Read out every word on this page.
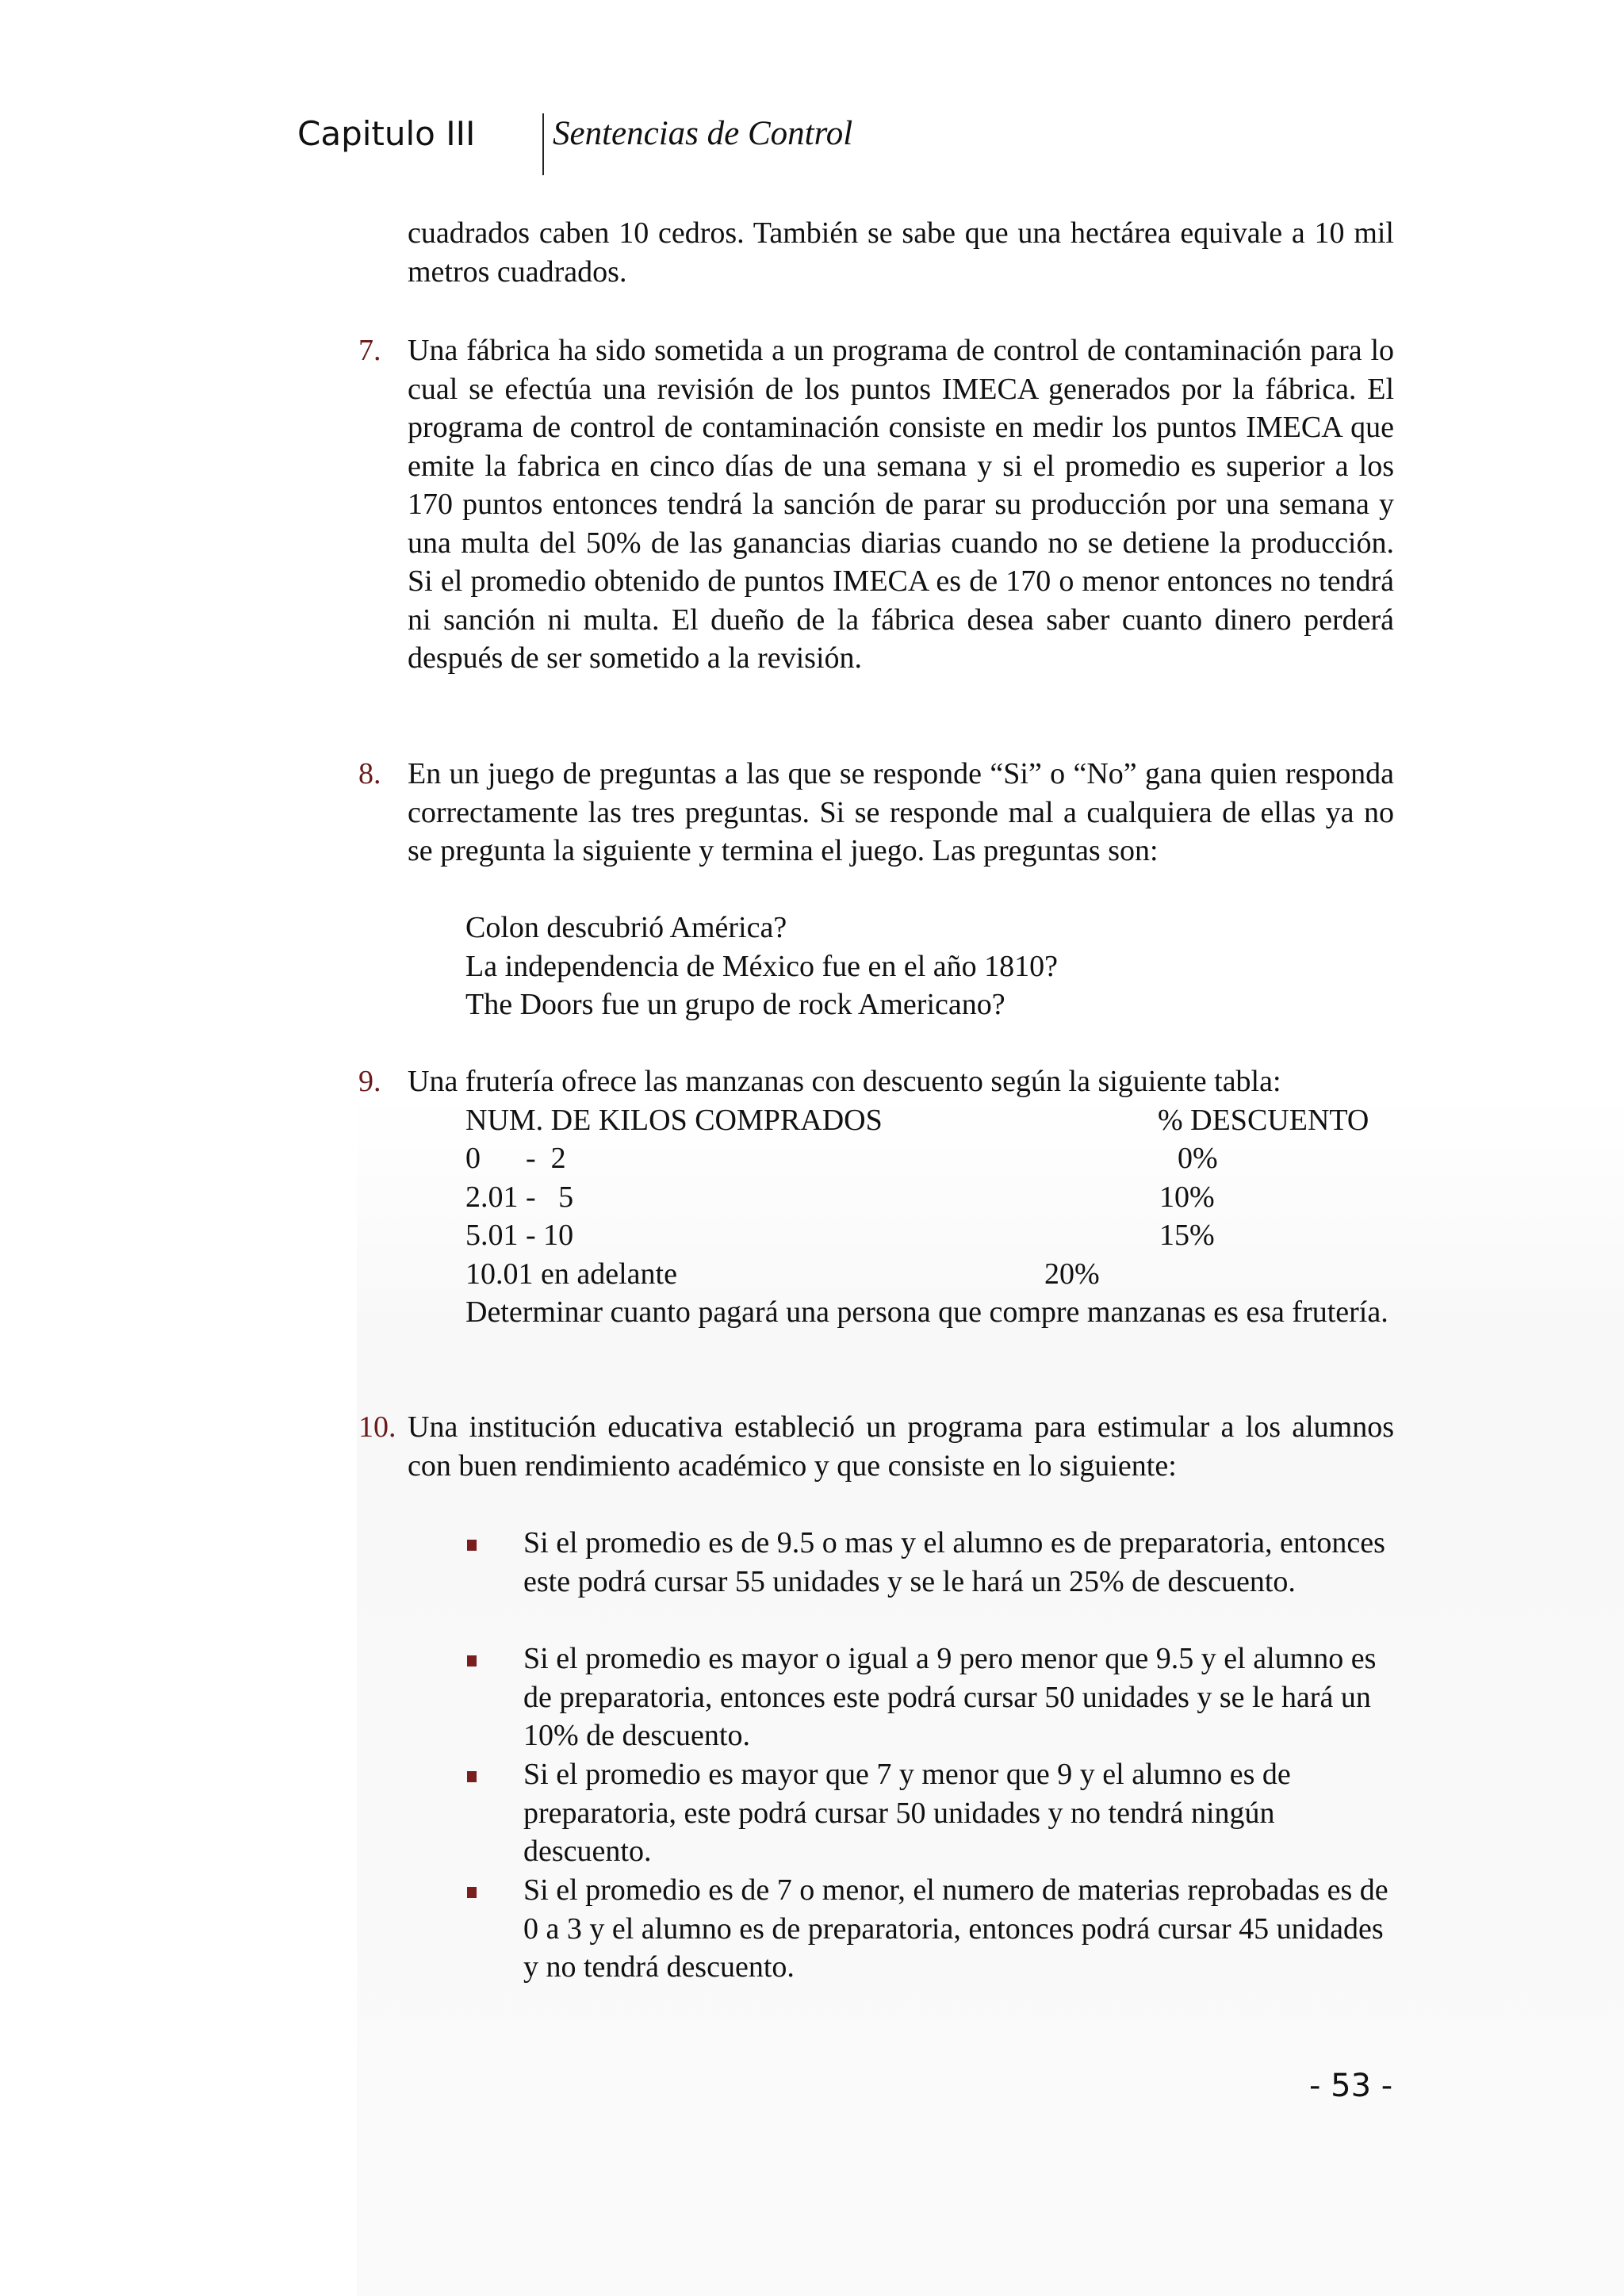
Capitulo III Sentencias de Control
cuadrados caben 10 cedros. También se sabe que una hectárea equivale a 10 mil metros cuadrados.
7. Una fábrica ha sido sometida a un programa de control de contaminación para lo cual se efectúa una revisión de los puntos IMECA generados por la fábrica. El programa de control de contaminación consiste en medir los puntos IMECA que emite la fabrica en cinco días de una semana y si el promedio es superior a los 170 puntos entonces tendrá la sanción de parar su producción por una semana y una multa del 50% de las ganancias diarias cuando no se detiene la producción. Si el promedio obtenido de puntos IMECA es de 170 o menor entonces no tendrá ni sanción ni multa. El dueño de la fábrica desea saber cuanto dinero perderá después de ser sometido a la revisión.
8. En un juego de preguntas a las que se responde “Si” o “No” gana quien responda correctamente las tres preguntas. Si se responde mal a cualquiera de ellas ya no se pregunta la siguiente y termina el juego. Las preguntas son:
Colon descubrió América?
La independencia de México fue en el año 1810?
The Doors fue un grupo de rock Americano?
9. Una frutería ofrece las manzanas con descuento según la siguiente tabla:
NUM. DE KILOS COMPRADOS	% DESCUENTO
0      -  2	0%
2.01 -   5	10%
5.01 - 10	15%
10.01 en adelante	20%
Determinar cuanto pagará una persona que compre manzanas es esa frutería.
10. Una institución educativa estableció un programa para estimular a los alumnos con buen rendimiento académico y que consiste en lo siguiente:
Si el promedio es de 9.5 o mas y el alumno es de preparatoria, entonces este podrá cursar 55 unidades y se le hará un 25% de descuento.
Si el promedio es mayor o igual a 9 pero menor que 9.5 y el alumno es de preparatoria, entonces este podrá cursar 50 unidades y se le hará un 10% de descuento.
Si el promedio es mayor que 7 y menor que 9 y el alumno es de preparatoria, este podrá cursar 50 unidades y no tendrá ningún descuento.
Si el promedio es de 7 o menor, el numero de materias reprobadas es de 0 a 3 y el alumno es de preparatoria, entonces podrá cursar 45 unidades y no tendrá descuento.
- 53 -
